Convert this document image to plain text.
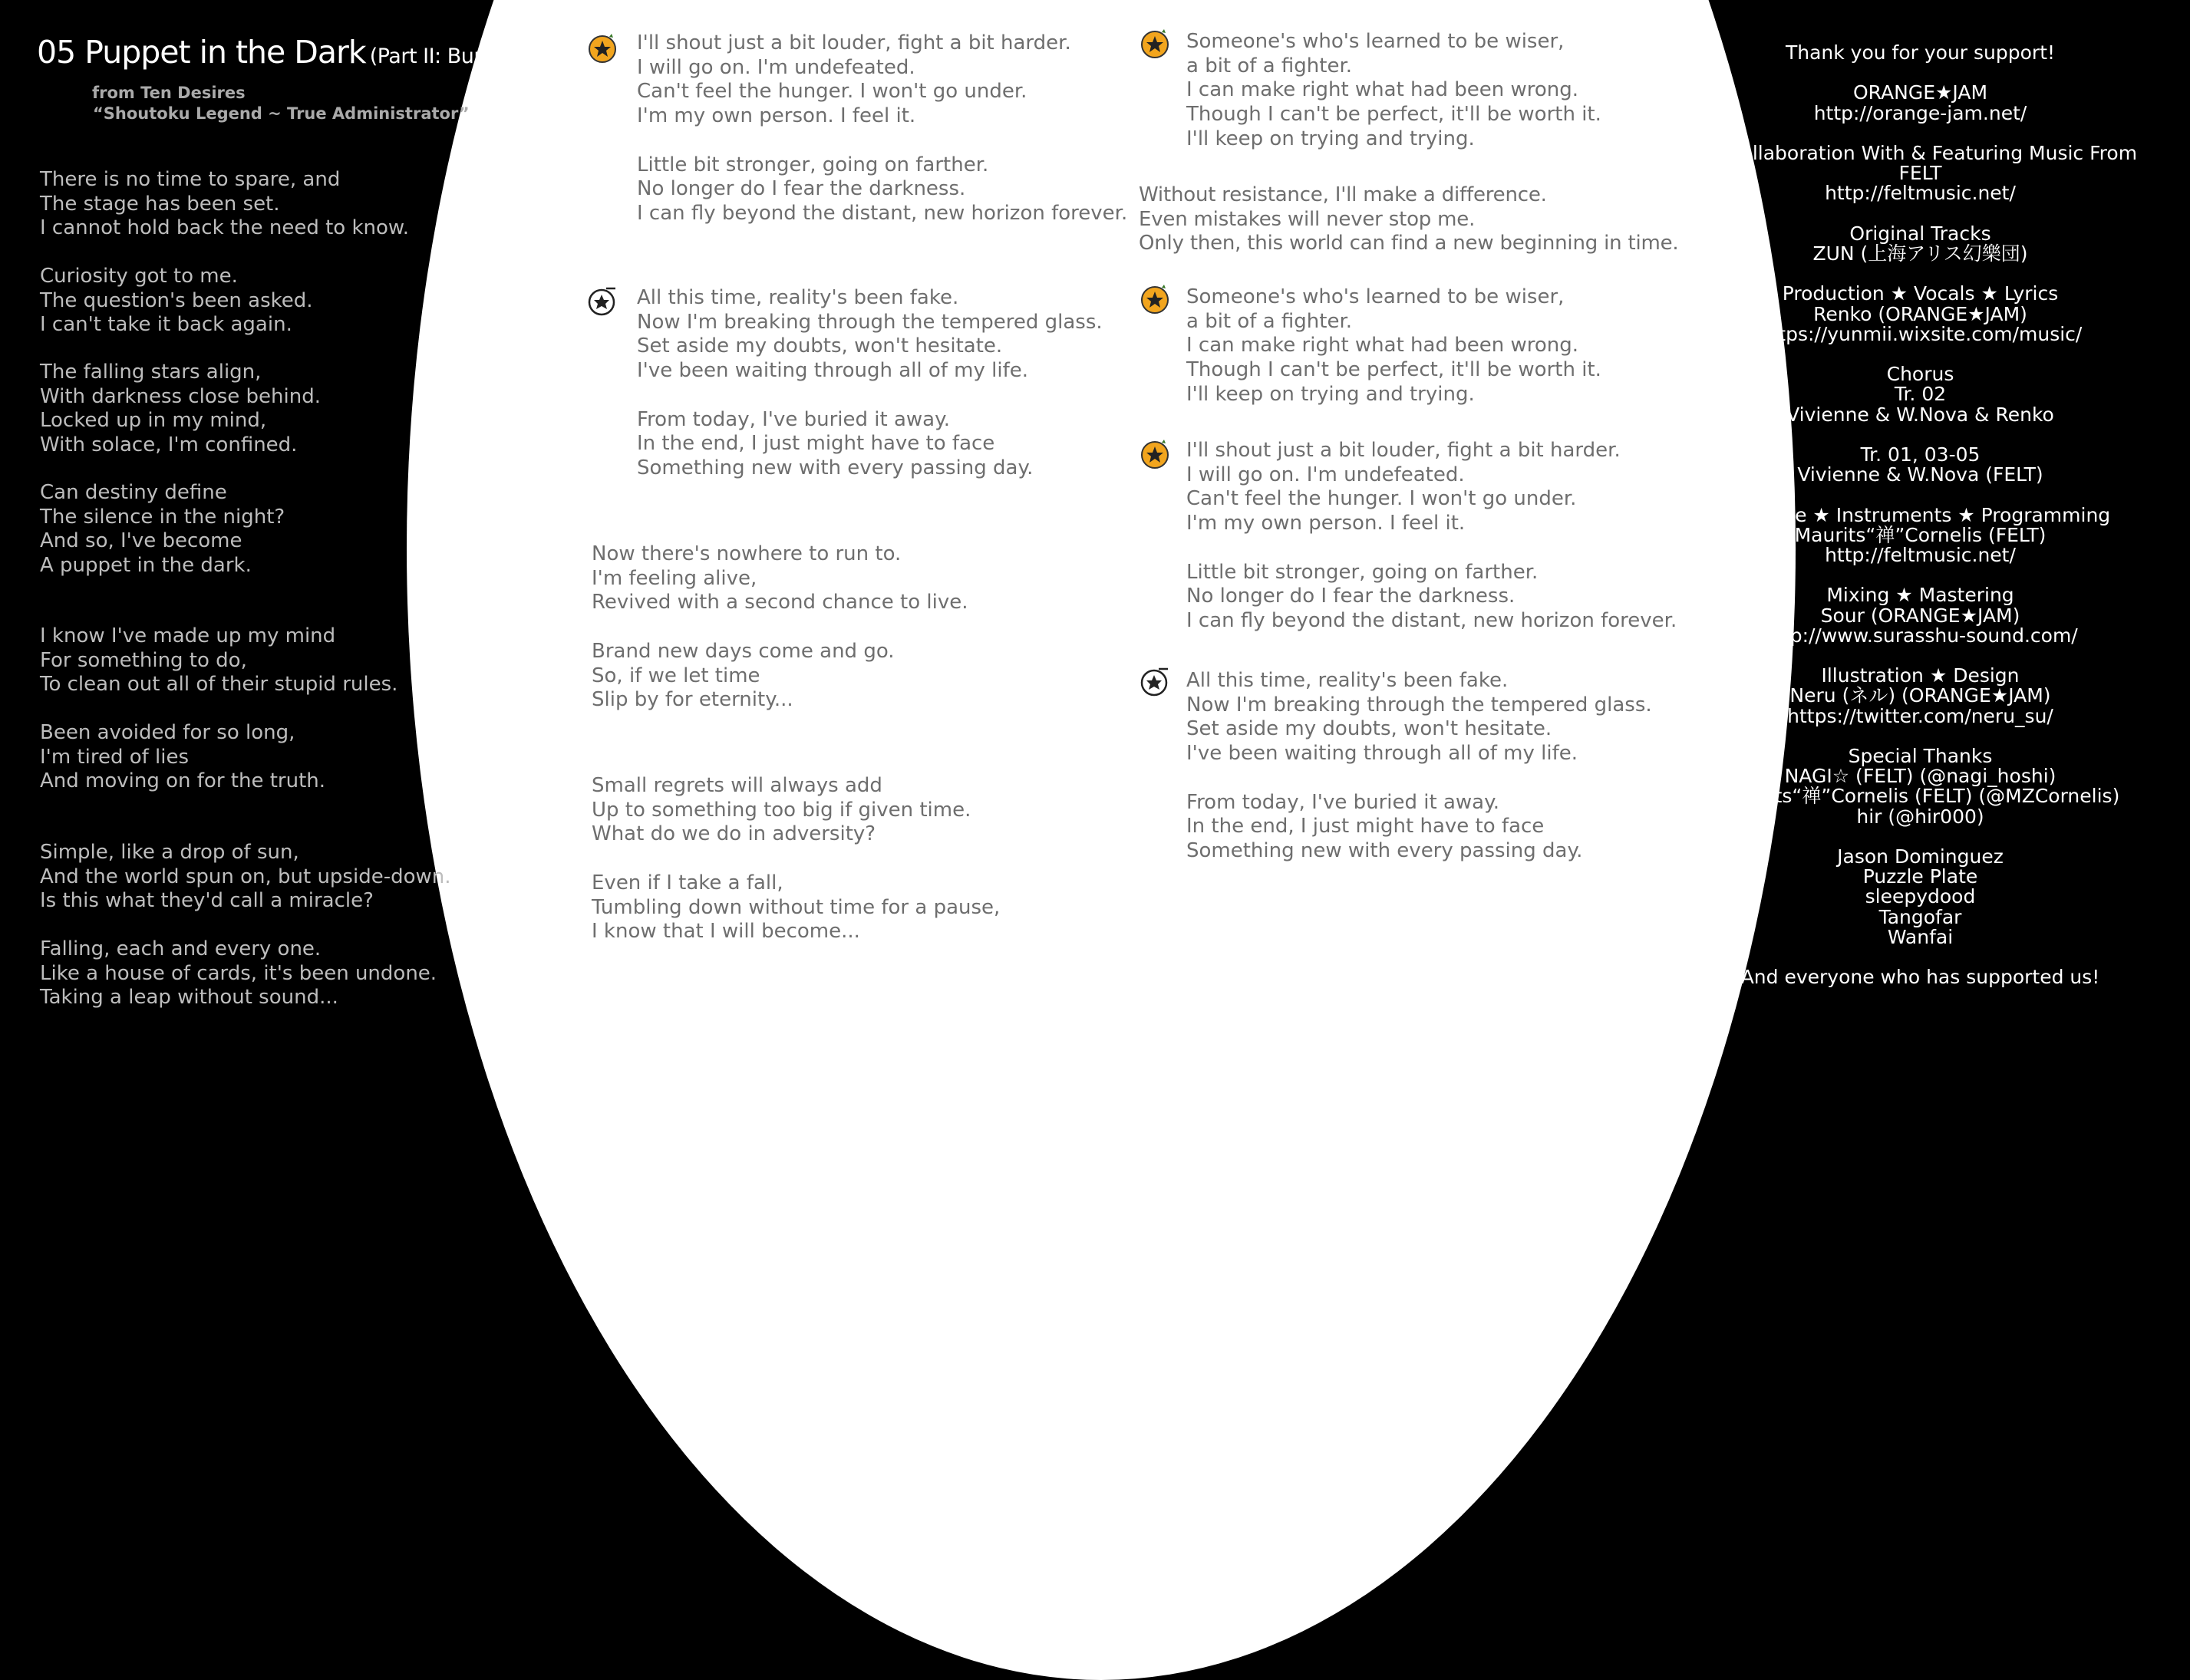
05 Puppet in the Dark (Part II: Buried Away)
from Ten Desires
“Shoutoku Legend ~ True Administrator”
There is no time to spare, and
The stage has been set.
I cannot hold back the need to know.
Curiosity got to me.
The question's been asked.
I can't take it back again.
The falling stars align,
With darkness close behind.
Locked up in my mind,
With solace, I'm confined.
Can destiny define
The silence in the night?
And so, I've become
A puppet in the dark.
I know I've made up my mind
For something to do,
To clean out all of their stupid rules.
Been avoided for so long,
I'm tired of lies
And moving on for the truth.
Simple, like a drop of sun,
And the world spun on, but upside-down.
Is this what they'd call a miracle?
Falling, each and every one.
Like a house of cards, it's been undone.
Taking a leap without sound...
I'll shout just a bit louder, fight a bit harder.
I will go on. I'm undefeated.
Can't feel the hunger. I won't go under.
I'm my own person. I feel it.
Little bit stronger, going on farther.
No longer do I fear the darkness.
I can fly beyond the distant, new horizon forever.
All this time, reality's been fake.
Now I'm breaking through the tempered glass.
Set aside my doubts, won't hesitate.
I've been waiting through all of my life.
From today, I've buried it away.
In the end, I just might have to face
Something new with every passing day.
Now there's nowhere to run to.
I'm feeling alive,
Revived with a second chance to live.
Brand new days come and go.
So, if we let time
Slip by for eternity...
Small regrets will always add
Up to something too big if given time.
What do we do in adversity?
Even if I take a fall,
Tumbling down without time for a pause,
I know that I will become...
Someone's who's learned to be wiser,
a bit of a fighter.
I can make right what had been wrong.
Though I can't be perfect, it'll be worth it.
I'll keep on trying and trying.
Without resistance, I'll make a difference.
Even mistakes will never stop me.
Only then, this world can find a new beginning in time.
Someone's who's learned to be wiser,
a bit of a fighter.
I can make right what had been wrong.
Though I can't be perfect, it'll be worth it.
I'll keep on trying and trying.
I'll shout just a bit louder, fight a bit harder.
I will go on. I'm undefeated.
Can't feel the hunger. I won't go under.
I'm my own person. I feel it.
Little bit stronger, going on farther.
No longer do I fear the darkness.
I can fly beyond the distant, new horizon forever.
All this time, reality's been fake.
Now I'm breaking through the tempered glass.
Set aside my doubts, won't hesitate.
I've been waiting through all of my life.
From today, I've buried it away.
In the end, I just might have to face
Something new with every passing day.
Thank you for your support!
ORANGE★JAM
http://orange-jam.net/
In Collaboration With & Featuring Music From
FELT
http://feltmusic.net/
Original Tracks
ZUN (上海アリス幻樂団)
Production ★ Vocals ★ Lyrics
Renko (ORANGE★JAM)
https://yunmii.wixsite.com/music/
Chorus
Tr. 02
Vivienne & W.Nova & Renko
Tr. 01, 03-05
Vivienne & W.Nova (FELT)
Arrange ★ Instruments ★ Programming
Maurits“禅”Cornelis (FELT)
http://feltmusic.net/
Mixing ★ Mastering
Sour (ORANGE★JAM)
http://www.surasshu-sound.com/
Illustration ★ Design
Neru (ネル) (ORANGE★JAM)
https://twitter.com/neru_su/
Special Thanks
NAGI☆ (FELT) (@nagi_hoshi)
Maurits“禅”Cornelis (FELT) (@MZCornelis)
hir (@hir000)
Jason Dominguez
Puzzle Plate
sleepydood
Tangofar
Wanfai
And everyone who has supported us!
06	07
